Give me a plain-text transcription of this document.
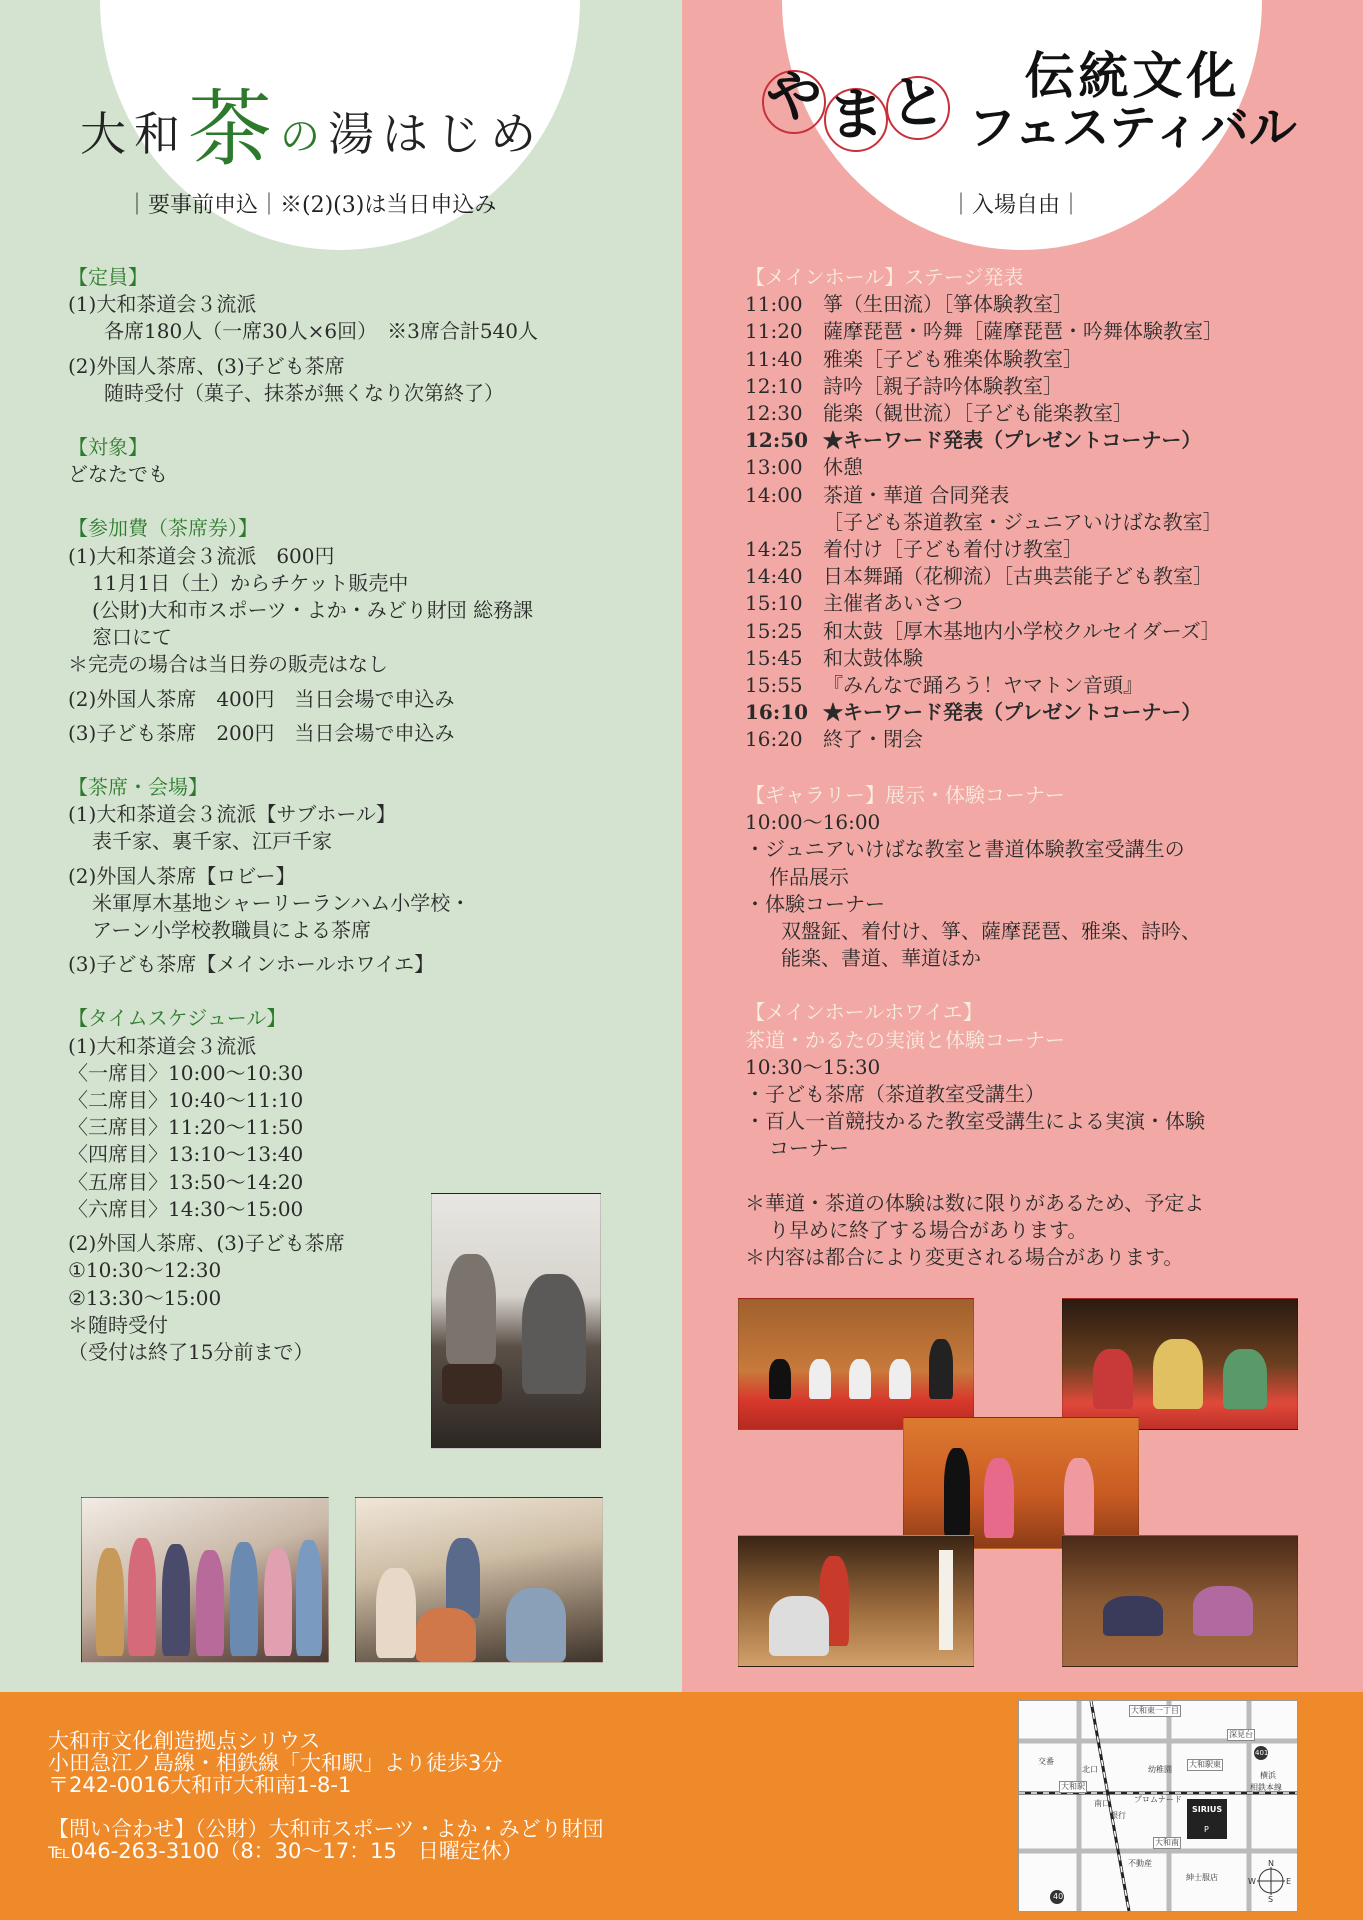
大和茶の湯はじめ
｜要事前申込｜※(2)(3)は当日申込み
や ま と	伝統文化
フェスティバル
｜入場自由｜

【定員】

(1)大和茶道会３流派

各席180人（一席30人×6回）　※3席合計540人

(2)外国人茶席、(3)子ども茶席

随時受付（菓子、抹茶が無くなり次第終了）

【対象】

どなたでも

【参加費（茶席券）】

(1)大和茶道会３流派　600円

11月1日（土）からチケット販売中

(公財)大和市スポーツ・よか・みどり財団 総務課

窓口にて

＊完売の場合は当日券の販売はなし

(2)外国人茶席　400円　当日会場で申込み

(3)子ども茶席　200円　当日会場で申込み

【茶席・会場】

(1)大和茶道会３流派【サブホール】

表千家、裏千家、江戸千家

(2)外国人茶席【ロビー】

米軍厚木基地シャーリーランハム小学校・

アーン小学校教職員による茶席

(3)子ども茶席【メインホールホワイエ】

【タイムスケジュール】

(1)大和茶道会３流派

〈一席目〉10:00～10:30

〈二席目〉10:40～11:10

〈三席目〉11:20～11:50

〈四席目〉13:10～13:40

〈五席目〉13:50～14:20

〈六席目〉14:30～15:00

(2)外国人茶席、(3)子ども茶席

①10:30～12:30

②13:30～15:00

＊随時受付

（受付は終了15分前まで）

【メインホール】ステージ発表

11:00	箏（生田流）［箏体験教室］
11:20	薩摩琵琶・吟舞［薩摩琵琶・吟舞体験教室］
11:40	雅楽［子ども雅楽体験教室］
12:10	詩吟［親子詩吟体験教室］
12:30	能楽（観世流）［子ども能楽教室］
12:50 ★キーワード発表（プレゼントコーナー）
13:00	休憩
14:00	茶道・華道 合同発表
［子ども茶道教室・ジュニアいけばな教室］
14:25	着付け［子ども着付け教室］
14:40	日本舞踊（花柳流）［古典芸能子ども教室］
15:10	主催者あいさつ
15:25	和太鼓［厚木基地内小学校クルセイダーズ］
15:45	和太鼓体験
15:55	『みんなで踊ろう！ヤマトン音頭』
16:10 ★キーワード発表（プレゼントコーナー）
16:20	終了・閉会

【ギャラリー】展示・体験コーナー

10:00～16:00

・ジュニアいけばな教室と書道体験教室受講生の

作品展示

・体験コーナー

双盤鉦、着付け、箏、薩摩琵琶、雅楽、詩吟、

能楽、書道、華道ほか

【メインホールホワイエ】

茶道・かるたの実演と体験コーナー

10:30～15:30

・子ども茶席（茶道教室受講生）

・百人一首競技かるた教室受講生による実演・体験

コーナー

＊華道・茶道の体験は数に限りがあるため、予定よ

り早めに終了する場合があります。

＊内容は都合により変更される場合があります。

大和市文化創造拠点シリウス

小田急江ノ島線・相鉄線「大和駅」より徒歩3分

〒242-0016大和市大和南1-8-1

【問い合わせ】（公財）大和市スポーツ・よか・みどり財団

℡046-263-3100（8：30～17：15　日曜定休）

大和東一丁目
深見台
交番
北口	幼稚園
大和駅東
大和駅
南口	プロムナード
銀行
SIRIUS
大和南
不動産
紳士服店
横浜
相鉄本線
P
N
S
W	E
40
401
